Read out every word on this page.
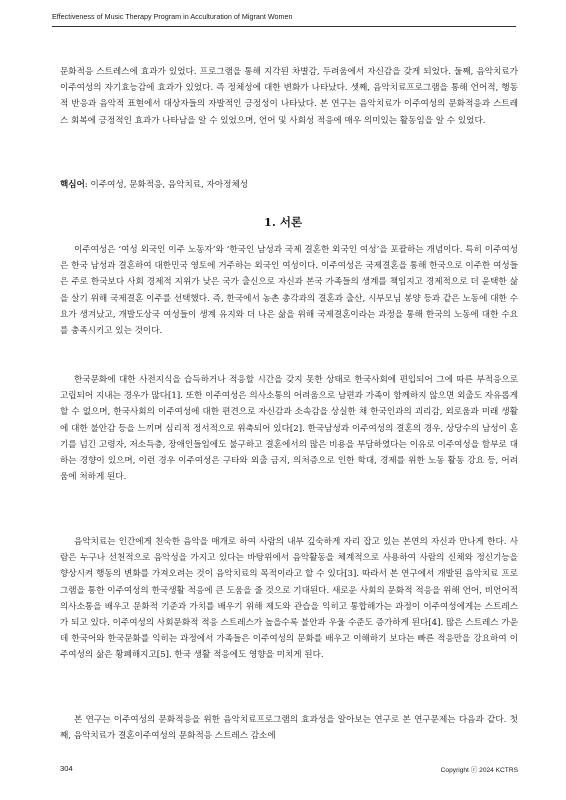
Effectiveness of Music Therapy Program in Acculturation of Migrant Women

문화적응 스트레스에 효과가 있었다. 프로그램을 통해 지각된 차별감, 두려움에서 자신감을 갖게 되었다. 둘째, 음악치료가 이주여성의 자기효능감에 효과가 있었다. 즉 정체성에 대한 변화가 나타났다. 셋째, 음악치료프로그램을 통해 언어적, 행동적 반응과 음악적 표현에서 대상자들의 자발적인 긍정성이 나타났다. 본 연구는 음악치료가 이주여성의 문화적응과 스트레스 회복에 긍정적인 효과가 나타남을 알 수 있었으며, 언어 및 사회성 적응에 매우 의미있는 활동임을 알 수 있었다.

핵심어: 이주여성, 문화적응, 음악치료, 자아정체성
1. 서론

이주여성은 ‘여성 외국인 이주 노동자’와 ‘한국인 남성과 국제 결혼한 외국인 여성’을 포괄하는 개념이다. 특히 이주여성은 한국 남성과 결혼하여 대한민국 영토에 거주하는 외국인 여성이다. 이주여성은 국제결혼을 통해 한국으로 이주한 여성들은 주로 한국보다 사회 경제적 지위가 낮은 국가 출신으로 자신과 본국 가족들의 생계를 책임지고 경제적으로 더 윤택한 삶을 살기 위해 국제결혼 이주를 선택했다. 즉, 한국에서 농촌 총각과의 결혼과 출산, 시부모님 봉양 등과 같은 노동에 대한 수요가 생겨났고, 개발도상국 여성들이 생계 유지와 더 나은 삶을 위해 국제결혼이라는 과정을 통해 한국의 노동에 대한 수요를 충족시키고 있는 것이다.

한국문화에 대한 사전지식을 습득하거나 적응할 시간을 갖지 못한 상태로 한국사회에 편입되어 그에 따른 부적응으로 고립되어 지내는 경우가 많다[1]. 또한 이주여성은 의사소통의 어려움으로 남편과 가족이 함께하지 않으면 외출도 자유롭게 할 수 없으며, 한국사회의 이주여성에 대한 편견으로 자신감과 소속감을 상실한 채 한국인과의 괴리감, 외로움과 미래 생활에 대한 불안감 등을 느끼며 심리적 정서적으로 위축되어 있다[2]. 한국남성과 이주여성의 결혼의 경우, 상당수의 남성이 혼기를 넘긴 고령자, 저소득층, 장애인들임에도 불구하고 결혼에서의 많은 비용을 부담하였다는 이유로 이주여성을 함부로 대하는 경향이 있으며, 이런 경우 이주여성은 구타와 외출 금지, 의처증으로 인한 학대, 경제를 위한 노동 활동 강요 등, 어려움에 처하게 된다.

음악치료는 인간에게 친숙한 음악을 매개로 하여 사람의 내부 깊숙하게 자리 잡고 있는 본연의 자신과 만나게 한다. 사람은 누구나 선천적으로 음악성을 가지고 있다는 바탕위에서 음악활동을 체계적으로 사용하여 사람의 신체와 정신기능을 향상시켜 행동의 변화를 가져오려는 것이 음악치료의 목적이라고 할 수 있다[3]. 따라서 본 연구에서 개발된 음악치료 프로그램을 통한 이주여성의 한국생활 적응에 큰 도움을 줄 것으로 기대된다. 새로운 사회의 문화적 적응을 위해 언어, 비언어적 의사소통을 배우고 문화적 기준과 가치를 배우기 위해 제도와 관습을 익히고 통합해가는 과정이 이주여성에게는 스트레스가 되고 있다. 이주여성의 사회문화적 적응 스트레스가 높을수록 불안과 우울 수준도 증가하게 된다[4]. 많은 스트레스 가운데 한국어와 한국문화를 익히는 과정에서 가족들은 이주여성의 문화를 배우고 이해하기 보다는 빠른 적응만을 강요하여 이주여성의 삶은 황폐해지고[5]. 한국 생활 적응에도 영향을 미치게 된다.

본 연구는 이주여성의 문화적응을 위한 음악치료프로그램의 효과성을 알아보는 연구로 본 연구문제는 다음과 같다. 첫째, 음악치료가 결혼이주여성의 문화적응 스트레스 감소에

304	Copyright ⓒ 2024 KCTRS
